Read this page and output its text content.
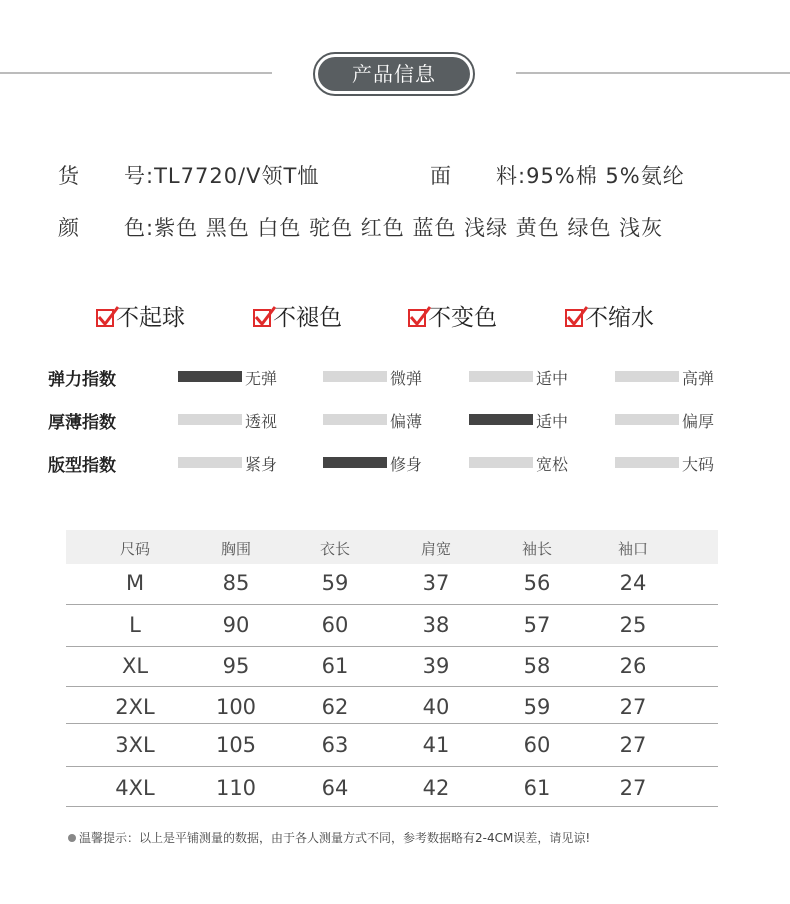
产品信息
货　　号:TL7720/V领T恤	面　　料:95%棉 5%氨纶
颜　　色:紫色 黑色 白色 驼色 红色 蓝色 浅绿 黄色 绿色 浅灰
不起球	不褪色	不变色	不缩水
弹力指数	无弹	微弹	适中	高弹
厚薄指数	透视	偏薄	适中	偏厚
版型指数	紧身	修身	宽松	大码
尺码	胸围	衣长	肩宽	袖长	袖口
M	85	59	37	56	24
L	90	60	38	57	25
XL	95	61	39	58	26
2XL	100	62	40	59	27
3XL	105	63	41	60	27
4XL	110	64	42	61	27
温馨提示：以上是平铺测量的数据，由于各人测量方式不同，参考数据略有2-4CM误差，请见谅!
